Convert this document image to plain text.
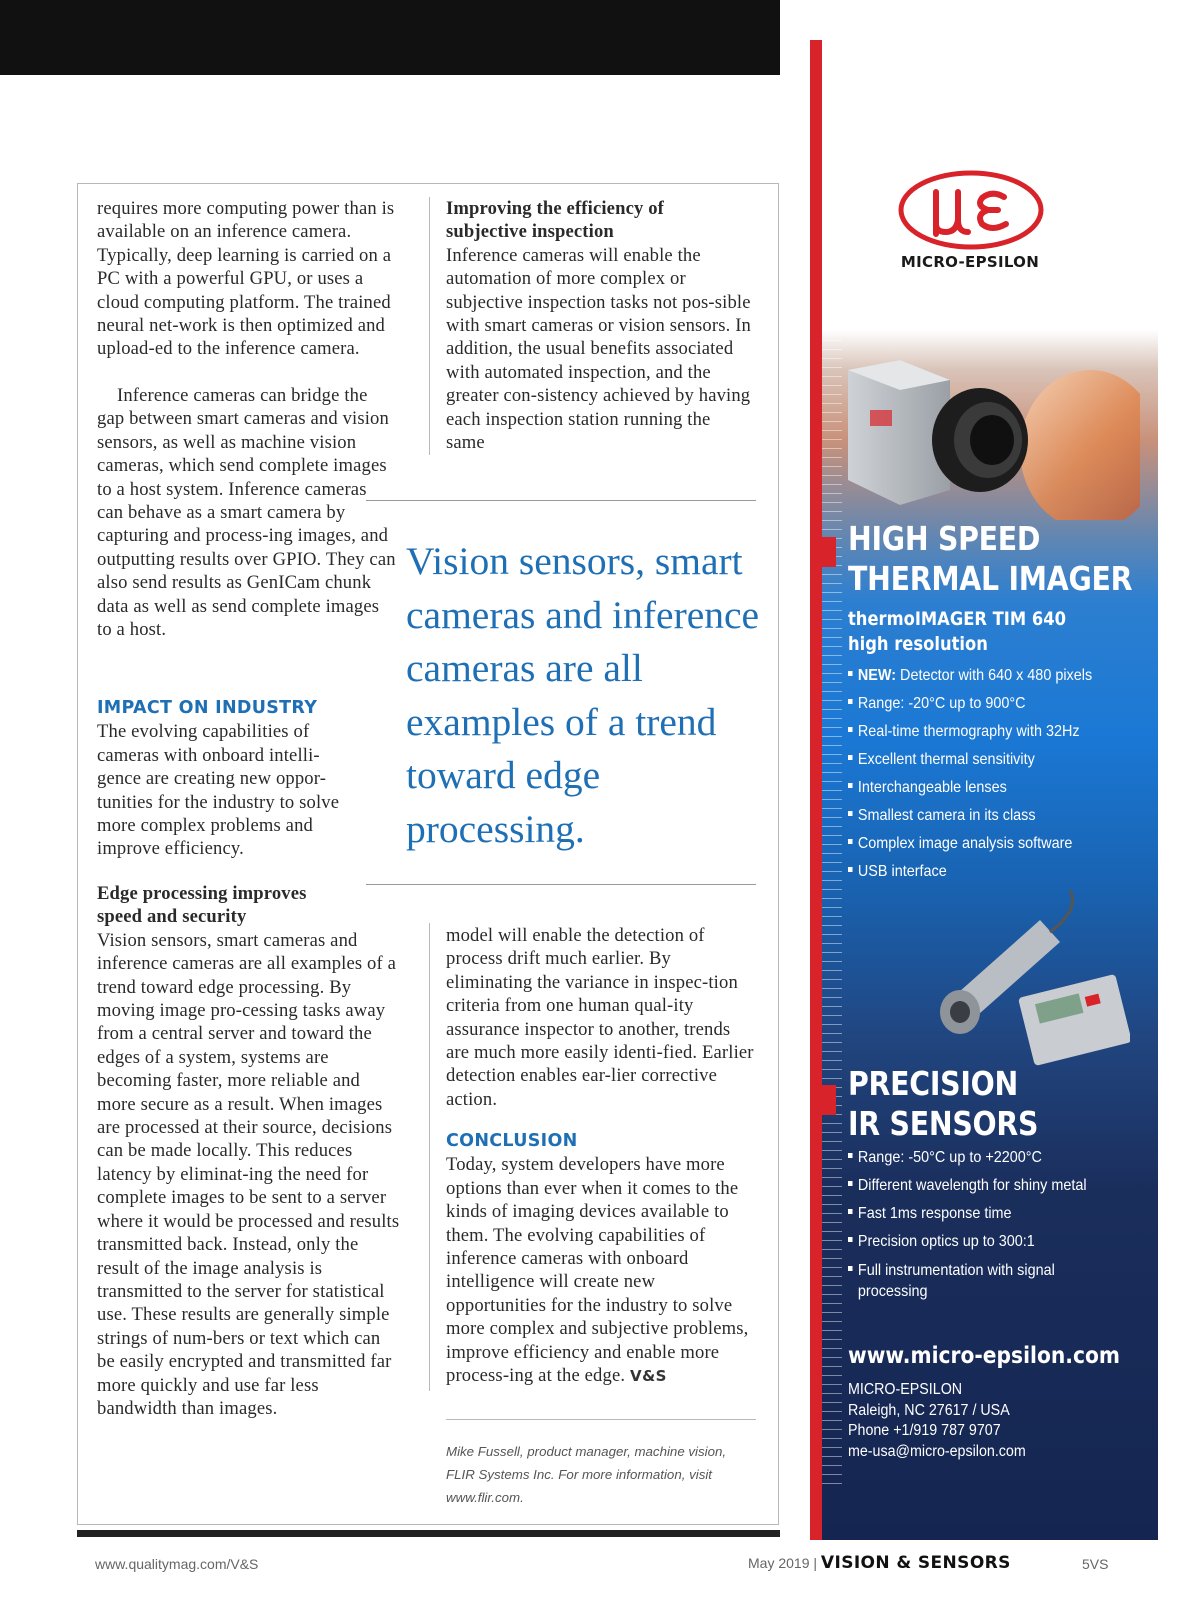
requires more computing power than is available on an inference camera. Typically, deep learning is carried on a PC with a powerful GPU, or uses a cloud computing platform. The trained neural net-work is then optimized and upload-ed to the inference camera.

Inference cameras can bridge the gap between smart cameras and vision sensors, as well as machine vision cameras, which send complete images to a host system. Inference cameras can behave as a smart camera by capturing and process-ing images, and outputting results over GPIO. They can also send results as GenICam chunk data as well as send complete images to a host.

IMPACT ON INDUSTRY

The evolving capabilities of cameras with onboard intelli-gence are creating new oppor-tunities for the industry to solve more complex problems and improve efficiency.

Edge processing improves speed and security

Vision sensors, smart cameras and inference cameras are all examples of a trend toward edge processing. By moving image pro-cessing tasks away from a central server and toward the edges of a system, systems are becoming faster, more reliable and more secure as a result. When images are processed at their source, decisions can be made locally. This reduces latency by eliminat-ing the need for complete images to be sent to a server where it would be processed and results transmitted back. Instead, only the result of the image analysis is transmitted to the server for statistical use. These results are generally simple strings of num-bers or text which can be easily encrypted and transmitted far more quickly and use far less bandwidth than images.

Improving the efficiency of subjective inspection

Inference cameras will enable the automation of more complex or subjective inspection tasks not pos-sible with smart cameras or vision sensors. In addition, the usual benefits associated with automated inspection, and the greater con-sistency achieved by having each inspection station running the same

Vision sensors, smart cameras and inference cameras are all examples of a trend toward edge processing.

model will enable the detection of process drift much earlier. By eliminating the variance in inspec-tion criteria from one human qual-ity assurance inspector to another, trends are much more easily identi-fied. Earlier detection enables ear-lier corrective action.

CONCLUSION

Today, system developers have more options than ever when it comes to the kinds of imaging devices available to them. The evolving capabilities of inference cameras with onboard intelligence will create new opportunities for the industry to solve more complex and subjective problems, improve efficiency and enable more process-ing at the edge. V&S

Mike Fussell, product manager, machine vision, FLIR Systems Inc. For more information, visit www.flir.com.
MICRO-EPSILON
↑ 60,13°
HIGH SPEED
THERMAL IMAGER
thermoIMAGER TIM 640
high resolution
NEW: Detector with 640 x 480 pixels
Range: -20°C up to 900°C
Real-time thermography with 32Hz
Excellent thermal sensitivity
Interchangeable lenses
Smallest camera in its class
Complex image analysis software
USB interface
PRECISION
IR SENSORS
Range: -50°C up to +2200°C
Different wavelength for shiny metal
Fast 1ms response time
Precision optics up to 300:1
Full instrumentation with signal processing
www.micro-epsilon.com
MICRO-EPSILON
Raleigh, NC 27617 / USA
Phone +1/919 787 9707
me-usa@micro-epsilon.com
www.qualitymag.com/V&S	May 2019 | VISION & SENSORS	5VS
